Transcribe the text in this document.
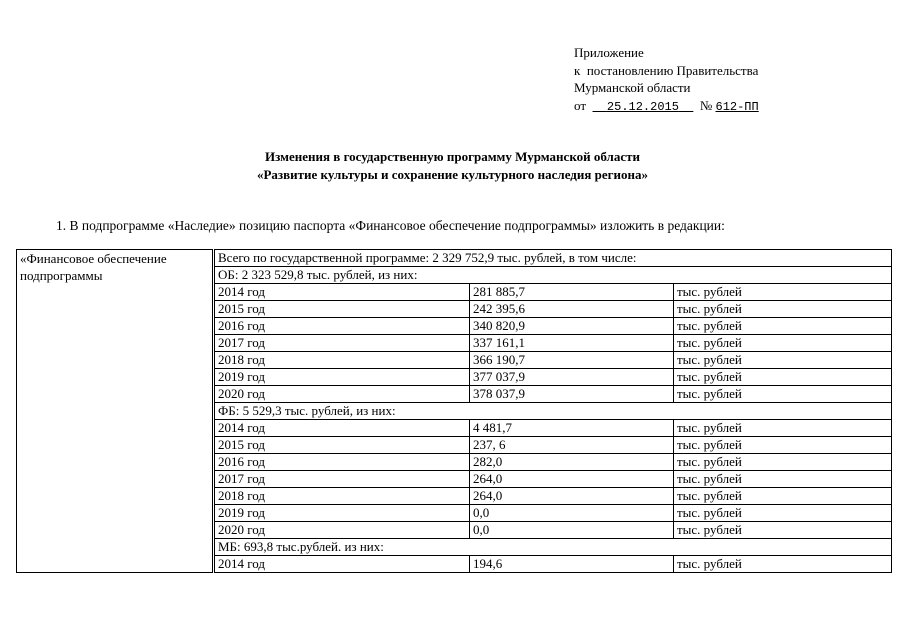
Приложение
к  постановлению Правительства
Мурманской области
от 25.12.2015 № 612-ПП
Изменения в государственную программу Мурманской области
«Развитие культуры и сохранение культурного наследия региона»
1. В подпрограмме «Наследие» позицию паспорта «Финансовое обеспечение подпрограммы» изложить в редакции:
«Финансовое обеспечение
подпрограммы	Всего по государственной программе: 2 329 752,9 тыс. рублей, в том числе:		
	ОБ: 2 323 529,8 тыс. рублей, из них:		
	2014 год	281 885,7	тыс. рублей
	2015 год	242 395,6	тыс. рублей
	2016 год	340 820,9	тыс. рублей
	2017 год	337 161,1	тыс. рублей
	2018 год	366 190,7	тыс. рублей
	2019 год	377 037,9	тыс. рублей
	2020 год	378 037,9	тыс. рублей
	ФБ: 5 529,3 тыс. рублей, из них:		
	2014 год	4 481,7	тыс. рублей
	2015 год	237, 6	тыс. рублей
	2016 год	282,0	тыс. рублей
	2017 год	264,0	тыс. рублей
	2018 год	264,0	тыс. рублей
	2019 год	0,0	тыс. рублей
	2020 год	0,0	тыс. рублей
	МБ: 693,8 тыс.рублей. из них:		
	2014 год	194,6	тыс. рублей
